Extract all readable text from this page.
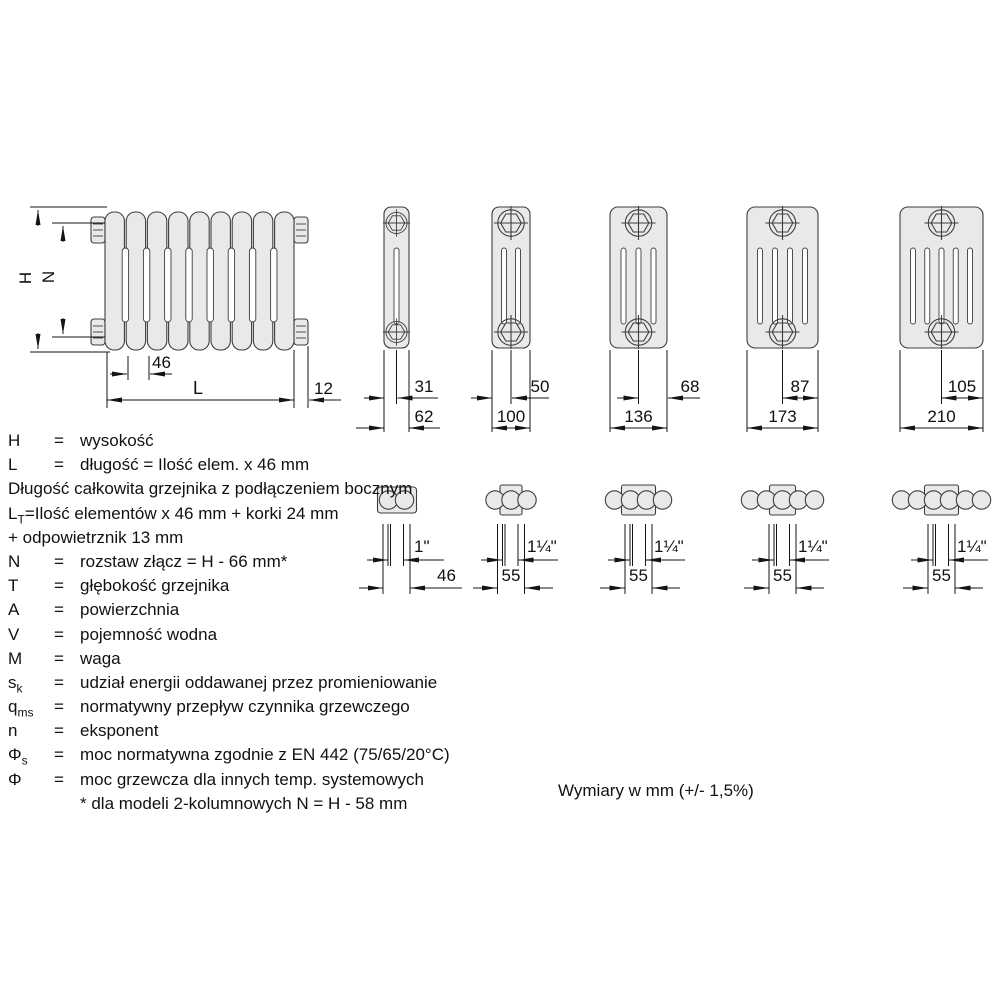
H N
46
L	12	31
62
50
100
68
136
87
173
105
210
1"
46
1¼"
55
1¼"
55
1¼"
55
1¼"
55
H	= wysokość
L	= długość = Ilość elem. x 46 mm
Długość całkowita grzejnika z podłączeniem bocznym
$L_T=Ilość$ elementów x 46 mm + korki 24 mm
+ odpowietrznik 13 mm
N	= rozstaw złącz = H - 66 mm*
T	= głębokość grzejnika
A	= powierzchnia
V	= pojemność wodna
M	= waga
$s_k$	= udział energii oddawanej przez promieniowanie
$q_{ms}$	= normatywny przepływ czynnika grzewczego
n	= eksponent
$\Phi_s$	= moc normatywna zgodnie z EN 442 (75/65/20°C)
Φ	= moc grzewcza dla innych temp. systemowych
* dla modeli 2-kolumnowych N = H - 58 mm
Wymiary w mm (+/- 1,5%)
